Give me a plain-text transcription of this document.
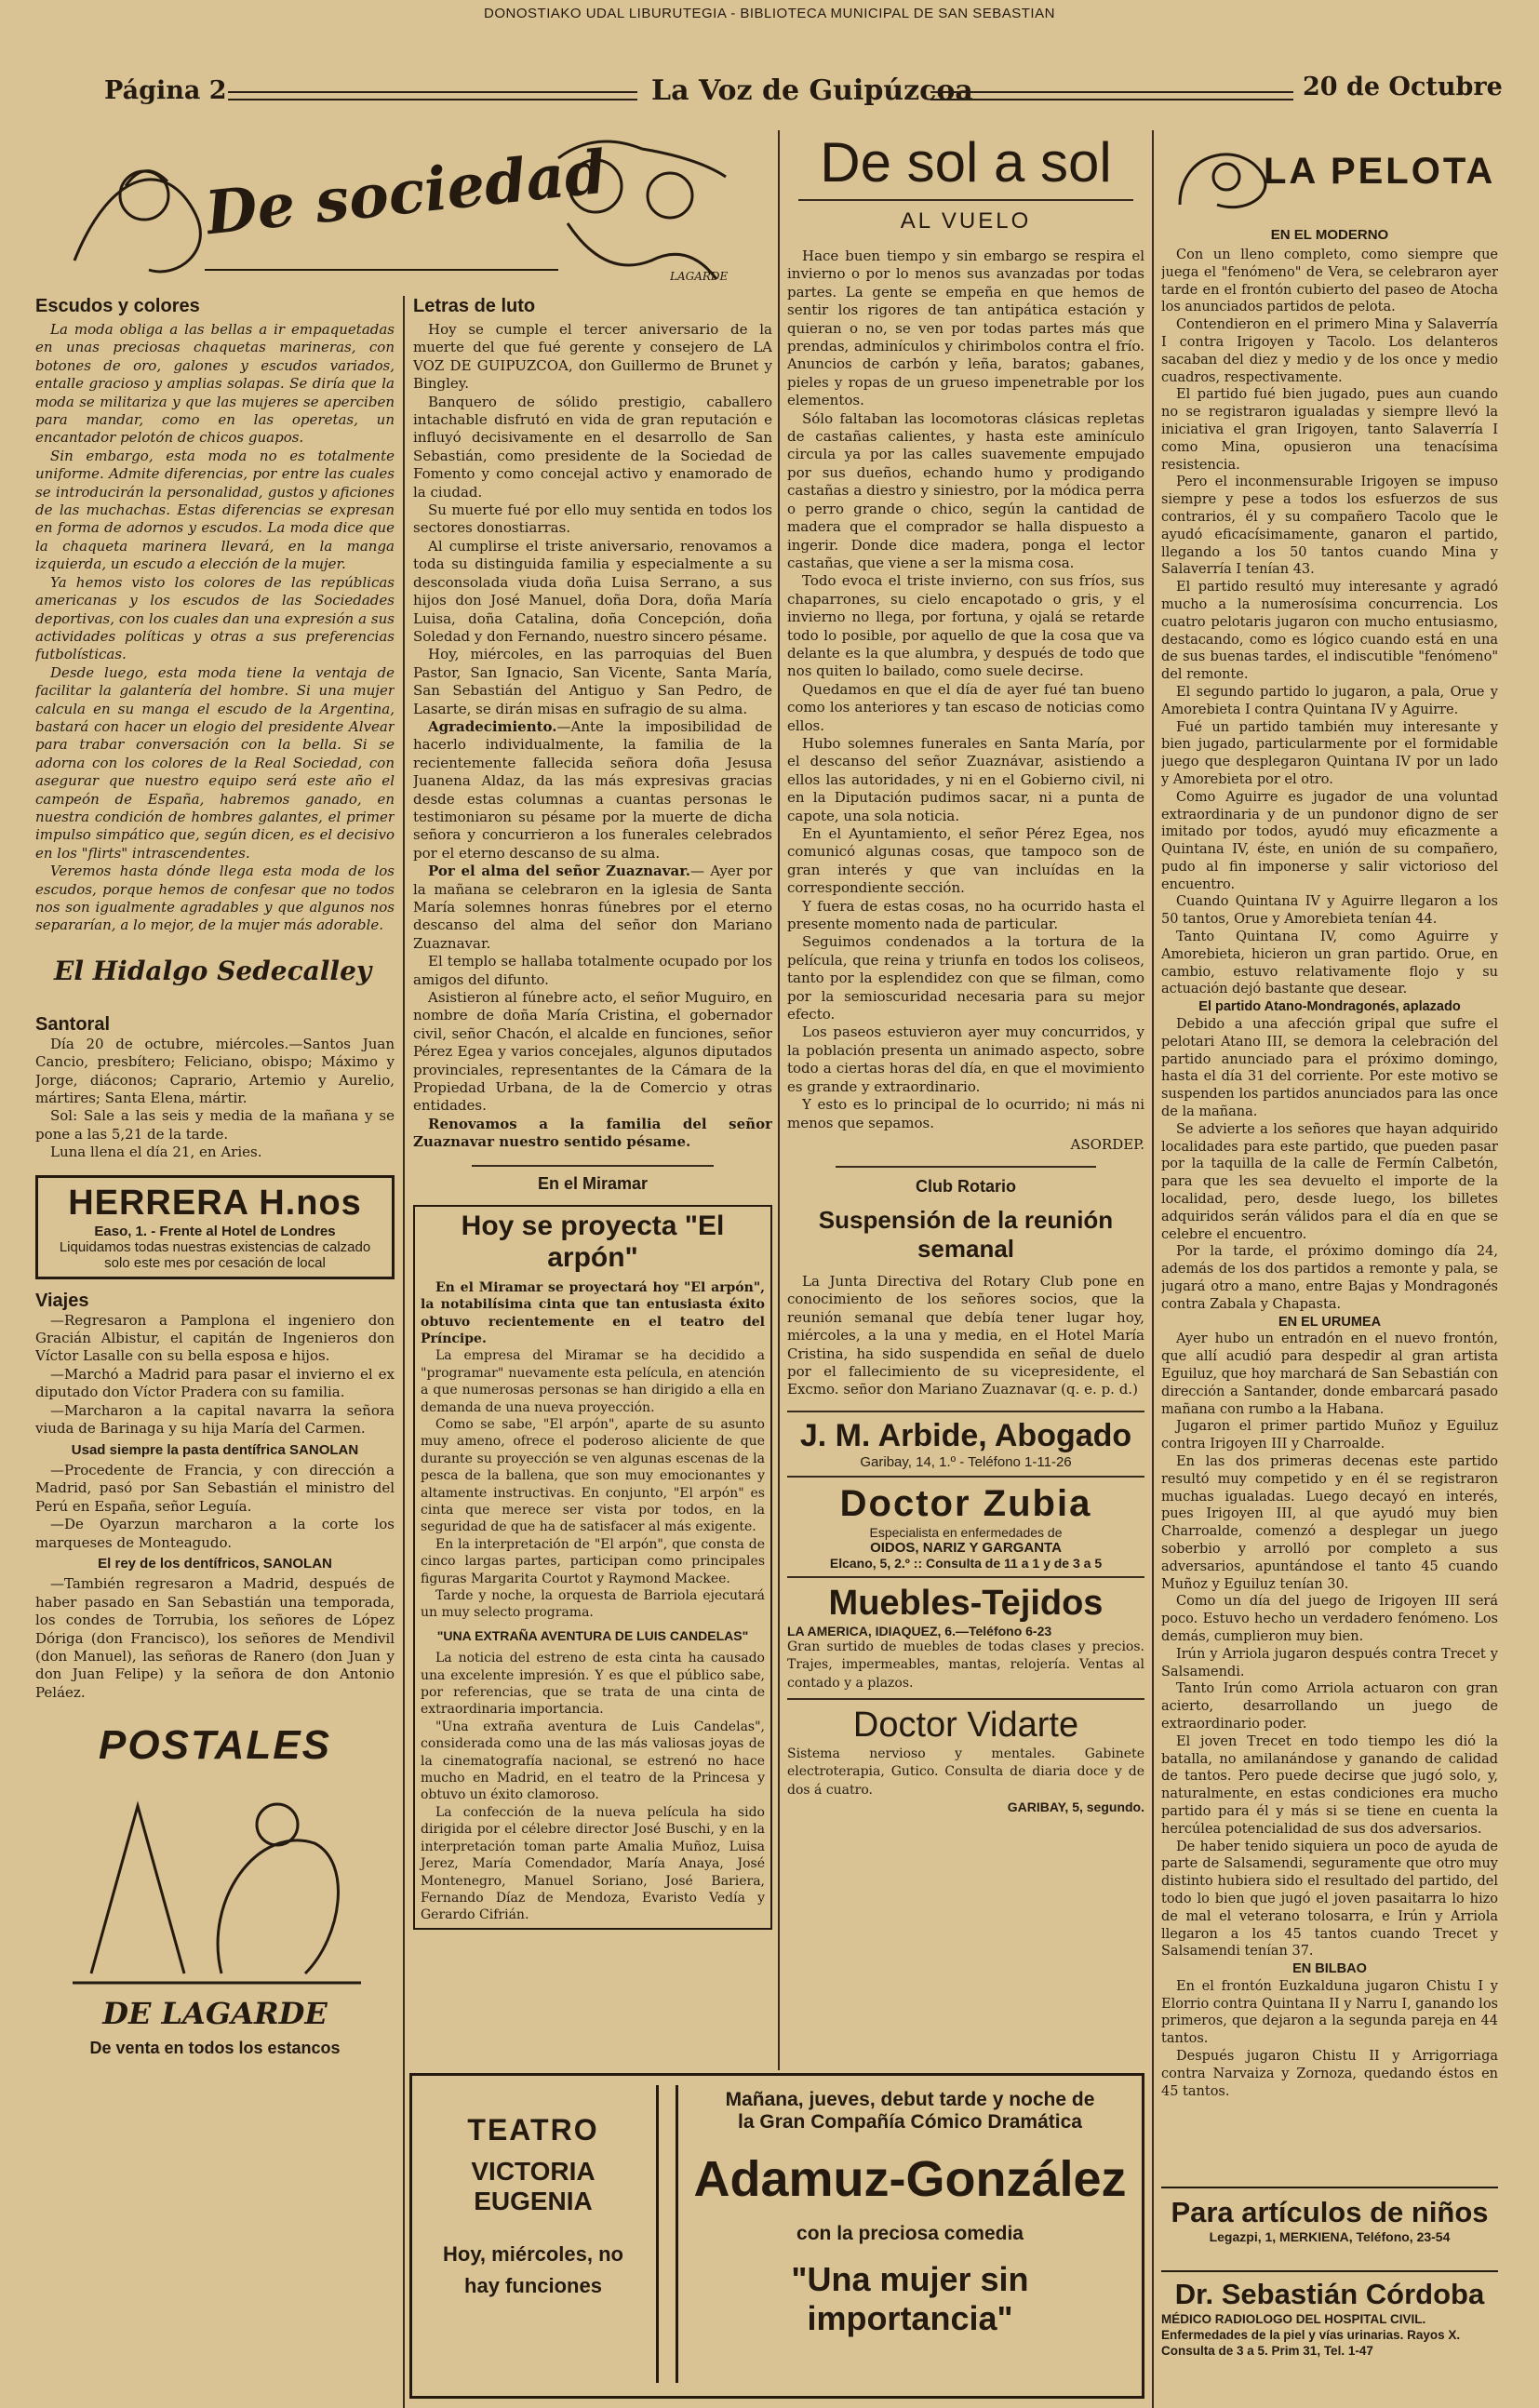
DONOSTIAKO UDAL LIBURUTEGIA - BIBLIOTECA MUNICIPAL DE SAN SEBASTIAN
Página 2	La Voz de Guipúzcoa	20 de Octubre
De sociedad
LAGARDE
Escudos y colores

La moda obliga a las bellas a ir empaquetadas en unas preciosas chaquetas marineras, con botones de oro, galones y escudos variados, entalle gracioso y amplias solapas. Se diría que la moda se militariza y que las mujeres se aperciben para mandar, como en las operetas, un encantador pelotón de chicos guapos.

Sin embargo, esta moda no es totalmente uniforme. Admite diferencias, por entre las cuales se introducirán la personalidad, gustos y aficiones de las muchachas. Estas diferencias se expresan en forma de adornos y escudos. La moda dice que la chaqueta marinera llevará, en la manga izquierda, un escudo a elección de la mujer.

Ya hemos visto los colores de las repúblicas americanas y los escudos de las Sociedades deportivas, con los cuales dan una expresión a sus actividades políticas y otras a sus preferencias futbolísticas.

Desde luego, esta moda tiene la ventaja de facilitar la galantería del hombre. Si una mujer calcula en su manga el escudo de la Argentina, bastará con hacer un elogio del presidente Alvear para trabar conversación con la bella. Si se adorna con los colores de la Real Sociedad, con asegurar que nuestro equipo será este año el campeón de España, habremos ganado, en nuestra condición de hombres galantes, el primer impulso simpático que, según dicen, es el decisivo en los "flirts" intrascendentes.

Veremos hasta dónde llega esta moda de los escudos, porque hemos de confesar que no todos nos son igualmente agradables y que algunos nos separarían, a lo mejor, de la mujer más adorable.

El Hidalgo Sedecalley
Santoral

Día 20 de octubre, miércoles.—Santos Juan Cancio, presbítero; Feliciano, obispo; Máximo y Jorge, diáconos; Caprario, Artemio y Aurelio, mártires; Santa Elena, mártir.

Sol: Sale a las seis y media de la mañana y se pone a las 5,21 de la tarde.

Luna llena el día 21, en Aries.

HERRERA H.nos
Easo, 1. - Frente al Hotel de Londres
Liquidamos todas nuestras existencias de calzado solo este mes por cesación de local
Viajes

—Regresaron a Pamplona el ingeniero don Gracián Albistur, el capitán de Ingenieros don Víctor Lasalle con su bella esposa e hijos.

—Marchó a Madrid para pasar el invierno el ex diputado don Víctor Pradera con su familia.

—Marcharon a la capital navarra la señora viuda de Barinaga y su hija María del Carmen.

Usad siempre la pasta dentífrica SANOLAN

—Procedente de Francia, y con dirección a Madrid, pasó por San Sebastián el ministro del Perú en España, señor Leguía.

—De Oyarzun marcharon a la corte los marqueses de Monteagudo.

El rey de los dentífricos, SANOLAN

—También regresaron a Madrid, después de haber pasado en San Sebastián una temporada, los condes de Torrubia, los señores de López Dóriga (don Francisco), los señores de Mendivil (don Manuel), las señoras de Ranero (don Juan y don Juan Felipe) y la señora de don Antonio Peláez.

POSTALES
DE LAGARDE
De venta en todos los estancos
Letras de luto

Hoy se cumple el tercer aniversario de la muerte del que fué gerente y consejero de LA VOZ DE GUIPUZCOA, don Guillermo de Brunet y Bingley.

Banquero de sólido prestigio, caballero intachable disfrutó en vida de gran reputación e influyó decisivamente en el desarrollo de San Sebastián, como presidente de la Sociedad de Fomento y como concejal activo y enamorado de la ciudad.

Su muerte fué por ello muy sentida en todos los sectores donostiarras.

Al cumplirse el triste aniversario, renovamos a toda su distinguida familia y especialmente a su desconsolada viuda doña Luisa Serrano, a sus hijos don José Manuel, doña Dora, doña María Luisa, doña Catalina, doña Concepción, doña Soledad y don Fernando, nuestro sincero pésame.

Hoy, miércoles, en las parroquias del Buen Pastor, San Ignacio, San Vicente, Santa María, San Sebastián del Antiguo y San Pedro, de Lasarte, se dirán misas en sufragio de su alma.

Agradecimiento.—Ante la imposibilidad de hacerlo individualmente, la familia de la recientemente fallecida señora doña Jesusa Juanena Aldaz, da las más expresivas gracias desde estas columnas a cuantas personas le testimoniaron su pésame por la muerte de dicha señora y concurrieron a los funerales celebrados por el eterno descanso de su alma.

Por el alma del señor Zuaznavar.— Ayer por la mañana se celebraron en la iglesia de Santa María solemnes honras fúnebres por el eterno descanso del alma del señor don Mariano Zuaznavar.

El templo se hallaba totalmente ocupado por los amigos del difunto.

Asistieron al fúnebre acto, el señor Muguiro, en nombre de doña María Cristina, el gobernador civil, señor Chacón, el alcalde en funciones, señor Pérez Egea y varios concejales, algunos diputados provinciales, representantes de la Cámara de la Propiedad Urbana, de la de Comercio y otras entidades.

Renovamos a la familia del señor Zuaznavar nuestro sentido pésame.

En el Miramar
Hoy se proyecta "El arpón"

En el Miramar se proyectará hoy "El arpón", la notabilísima cinta que tan entusiasta éxito obtuvo recientemente en el teatro del Príncipe.

La empresa del Miramar se ha decidido a "programar" nuevamente esta película, en atención a que numerosas personas se han dirigido a ella en demanda de una nueva proyección.

Como se sabe, "El arpón", aparte de su asunto muy ameno, ofrece el poderoso aliciente de que durante su proyección se ven algunas escenas de la pesca de la ballena, que son muy emocionantes y altamente instructivas. En conjunto, "El arpón" es cinta que merece ser vista por todos, en la seguridad de que ha de satisfacer al más exigente.

En la interpretación de "El arpón", que consta de cinco largas partes, participan como principales figuras Margarita Courtot y Raymond Mackee.

Tarde y noche, la orquesta de Barriola ejecutará un muy selecto programa.

"UNA EXTRAÑA AVENTURA DE LUIS CANDELAS"

La noticia del estreno de esta cinta ha causado una excelente impresión. Y es que el público sabe, por referencias, que se trata de una cinta de extraordinaria importancia.

"Una extraña aventura de Luis Candelas", considerada como una de las más valiosas joyas de la cinematografía nacional, se estrenó no hace mucho en Madrid, en el teatro de la Princesa y obtuvo un éxito clamoroso.

La confección de la nueva película ha sido dirigida por el célebre director José Buschi, y en la interpretación toman parte Amalia Muñoz, Luisa Jerez, María Comendador, María Anaya, José Montenegro, Manuel Soriano, José Bariera, Fernando Díaz de Mendoza, Evaristo Vedía y Gerardo Cifrián.

De sol a sol
AL VUELO

Hace buen tiempo y sin embargo se respira el invierno o por lo menos sus avanzadas por todas partes. La gente se empeña en que hemos de sentir los rigores de tan antipática estación y quieran o no, se ven por todas partes más que prendas, adminículos y chirimbolos contra el frío. Anuncios de carbón y leña, baratos; gabanes, pieles y ropas de un grueso impenetrable por los elementos.

Sólo faltaban las locomotoras clásicas repletas de castañas calientes, y hasta este aminículo circula ya por las calles suavemente empujado por sus dueños, echando humo y prodigando castañas a diestro y siniestro, por la módica perra o perro grande o chico, según la cantidad de madera que el comprador se halla dispuesto a ingerir. Donde dice madera, ponga el lector castañas, que viene a ser la misma cosa.

Todo evoca el triste invierno, con sus fríos, sus chaparrones, su cielo encapotado o gris, y el invierno no llega, por fortuna, y ojalá se retarde todo lo posible, por aquello de que la cosa que va delante es la que alumbra, y después de todo que nos quiten lo bailado, como suele decirse.

Quedamos en que el día de ayer fué tan bueno como los anteriores y tan escaso de noticias como ellos.

Hubo solemnes funerales en Santa María, por el descanso del señor Zuaznávar, asistiendo a ellos las autoridades, y ni en el Gobierno civil, ni en la Diputación pudimos sacar, ni a punta de capote, una sola noticia.

En el Ayuntamiento, el señor Pérez Egea, nos comunicó algunas cosas, que tampoco son de gran interés y que van incluídas en la correspondiente sección.

Y fuera de estas cosas, no ha ocurrido hasta el presente momento nada de particular.

Seguimos condenados a la tortura de la película, que reina y triunfa en todos los coliseos, tanto por la esplendidez con que se filman, como por la semioscuridad necesaria para su mejor efecto.

Los paseos estuvieron ayer muy concurridos, y la población presenta un animado aspecto, sobre todo a ciertas horas del día, en que el movimiento es grande y extraordinario.

Y esto es lo principal de lo ocurrido; ni más ni menos que sepamos.

ASORDEP.
Club Rotario
Suspensión de la reunión semanal

La Junta Directiva del Rotary Club pone en conocimiento de los señores socios, que la reunión semanal que debía tener lugar hoy, miércoles, a la una y media, en el Hotel María Cristina, ha sido suspendida en señal de duelo por el fallecimiento de su vicepresidente, el Excmo. señor don Mariano Zuaznavar (q. e. p. d.)

J. M. Arbide, Abogado
Garibay, 14, 1.º - Teléfono 1-11-26
Doctor Zubia
Especialista en enfermedades de
OIDOS, NARIZ Y GARGANTA
Elcano, 5, 2.º :: Consulta de 11 a 1 y de 3 a 5
Muebles-Tejidos
LA AMERICA, IDIAQUEZ, 6.—Teléfono 6-23
Gran surtido de muebles de todas clases y precios. Trajes, impermeables, mantas, relojería. Ventas al contado y a plazos.
Doctor Vidarte
Sistema nervioso y mentales. Gabinete electroterapia, Gutico. Consulta de diaria doce y de dos á cuatro.
GARIBAY, 5, segundo.
TEATRO
VICTORIA EUGENIA
Hoy, miércoles, no hay funciones
Mañana, jueves, debut tarde y noche de
la Gran Compañía Cómico Dramática
Adamuz-González
con la preciosa comedia
"Una mujer sin importancia"
LA PELOTA
EN EL MODERNO

Con un lleno completo, como siempre que juega el "fenómeno" de Vera, se celebraron ayer tarde en el frontón cubierto del paseo de Atocha los anunciados partidos de pelota.

Contendieron en el primero Mina y Salaverría I contra Irigoyen y Tacolo. Los delanteros sacaban del diez y medio y de los once y medio cuadros, respectivamente.

El partido fué bien jugado, pues aun cuando no se registraron igualadas y siempre llevó la iniciativa el gran Irigoyen, tanto Salaverría I como Mina, opusieron una tenacísima resistencia.

Pero el inconmensurable Irigoyen se impuso siempre y pese a todos los esfuerzos de sus contrarios, él y su compañero Tacolo que le ayudó eficacísimamente, ganaron el partido, llegando a los 50 tantos cuando Mina y Salaverría I tenían 43.

El partido resultó muy interesante y agradó mucho a la numerosísima concurrencia. Los cuatro pelotaris jugaron con mucho entusiasmo, destacando, como es lógico cuando está en una de sus buenas tardes, el indiscutible "fenómeno" del remonte.

El segundo partido lo jugaron, a pala, Orue y Amorebieta I contra Quintana IV y Aguirre.

Fué un partido también muy interesante y bien jugado, particularmente por el formidable juego que desplegaron Quintana IV por un lado y Amorebieta por el otro.

Como Aguirre es jugador de una voluntad extraordinaria y de un pundonor digno de ser imitado por todos, ayudó muy eficazmente a Quintana IV, éste, en unión de su compañero, pudo al fin imponerse y salir victorioso del encuentro.

Cuando Quintana IV y Aguirre llegaron a los 50 tantos, Orue y Amorebieta tenían 44.

Tanto Quintana IV, como Aguirre y Amorebieta, hicieron un gran partido. Orue, en cambio, estuvo relativamente flojo y su actuación dejó bastante que desear.

El partido Atano-Mondragonés, aplazado

Debido a una afección gripal que sufre el pelotari Atano III, se demora la celebración del partido anunciado para el próximo domingo, hasta el día 31 del corriente. Por este motivo se suspenden los partidos anunciados para las once de la mañana.

Se advierte a los señores que hayan adquirido localidades para este partido, que pueden pasar por la taquilla de la calle de Fermín Calbetón, para que les sea devuelto el importe de la localidad, pero, desde luego, los billetes adquiridos serán válidos para el día en que se celebre el encuentro.

Por la tarde, el próximo domingo día 24, además de los dos partidos a remonte y pala, se jugará otro a mano, entre Bajas y Mondragonés contra Zabala y Chapasta.

EN EL URUMEA

Ayer hubo un entradón en el nuevo frontón, que allí acudió para despedir al gran artista Eguiluz, que hoy marchará de San Sebastián con dirección a Santander, donde embarcará pasado mañana con rumbo a la Habana.

Jugaron el primer partido Muñoz y Eguiluz contra Irigoyen III y Charroalde.

En las dos primeras decenas este partido resultó muy competido y en él se registraron muchas igualadas. Luego decayó en interés, pues Irigoyen III, al que ayudó muy bien Charroalde, comenzó a desplegar un juego soberbio y arrolló por completo a sus adversarios, apuntándose el tanto 45 cuando Muñoz y Eguiluz tenían 30.

Como un día del juego de Irigoyen III será poco. Estuvo hecho un verdadero fenómeno. Los demás, cumplieron muy bien.

Irún y Arriola jugaron después contra Trecet y Salsamendi.

Tanto Irún como Arriola actuaron con gran acierto, desarrollando un juego de extraordinario poder.

El joven Trecet en todo tiempo les dió la batalla, no amilanándose y ganando de calidad de tantos. Pero puede decirse que jugó solo, y, naturalmente, en estas condiciones era mucho partido para él y más si se tiene en cuenta la hercúlea potencialidad de sus dos adversarios.

De haber tenido siquiera un poco de ayuda de parte de Salsamendi, seguramente que otro muy distinto hubiera sido el resultado del partido, del todo lo bien que jugó el joven pasaitarra lo hizo de mal el veterano tolosarra, e Irún y Arriola llegaron a los 45 tantos cuando Trecet y Salsamendi tenían 37.

EN BILBAO

En el frontón Euzkalduna jugaron Chistu I y Elorrio contra Quintana II y Narru I, ganando los primeros, que dejaron a la segunda pareja en 44 tantos.

Después jugaron Chistu II y Arrigorriaga contra Narvaiza y Zornoza, quedando éstos en 45 tantos.

Para artículos de niños
Legazpi, 1, MERKIENA, Teléfono, 23-54
Dr. Sebastián Córdoba
MÉDICO RADIOLOGO DEL HOSPITAL CIVIL. Enfermedades de la piel y vías urinarias. Rayos X. Consulta de 3 a 5. Prim 31, Tel. 1-47
